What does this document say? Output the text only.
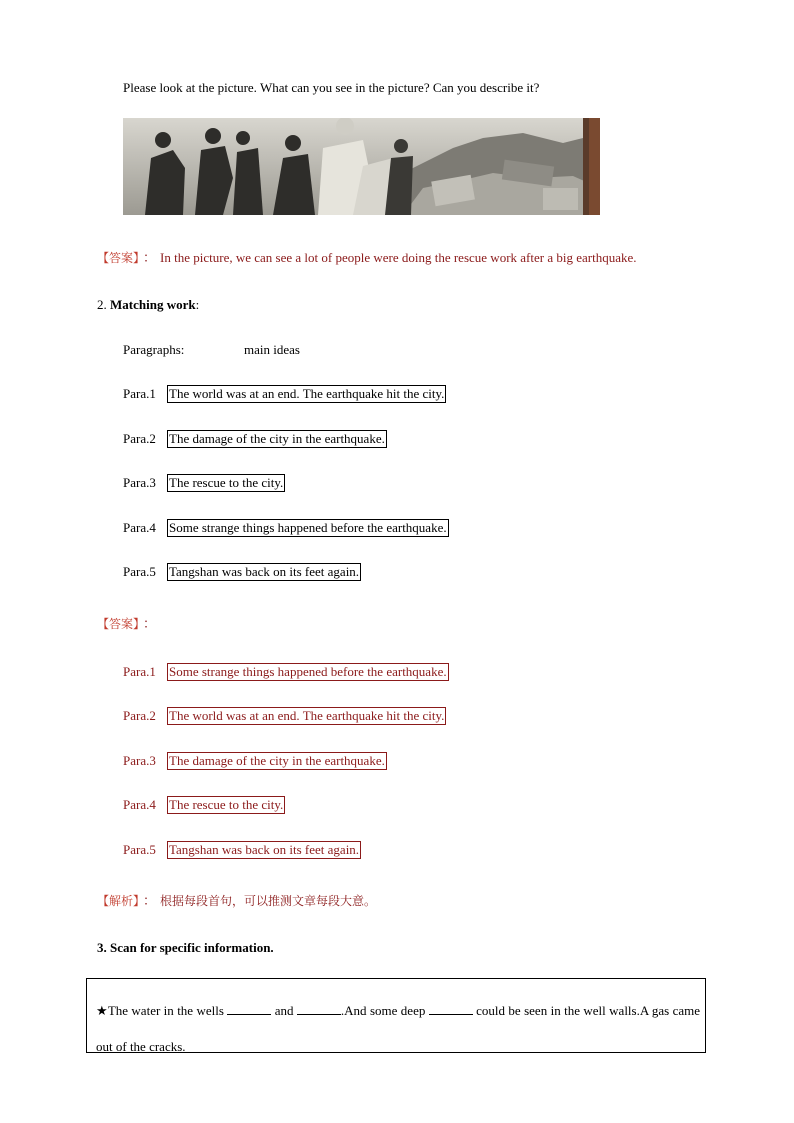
Please look at the picture. What can you see in the picture? Can you describe it?
【答案】 ： In the picture, we can see a lot of people were doing the rescue work after a big earthquake.
2. Matching work:
Paragraphs:	main ideas
Para.1 The world was at an end. The earthquake hit the city.
Para.2 The damage of the city in the earthquake.
Para.3 The rescue to the city.
Para.4 Some strange things happened before the earthquake.
Para.5 Tangshan was back on its feet again.
【答案】 ：
Para.1 Some strange things happened before the earthquake.
Para.2 The world was at an end. The earthquake hit the city.
Para.3 The damage of the city in the earthquake.
Para.4 The rescue to the city.
Para.5 Tangshan was back on its feet again.
【解析】 ： 根据每段首句，可以推测文章每段大意。
3. Scan for specific information.
★The water in the wells	and	.And some deep	could be seen in the well walls.A gas came out of the cracks.
